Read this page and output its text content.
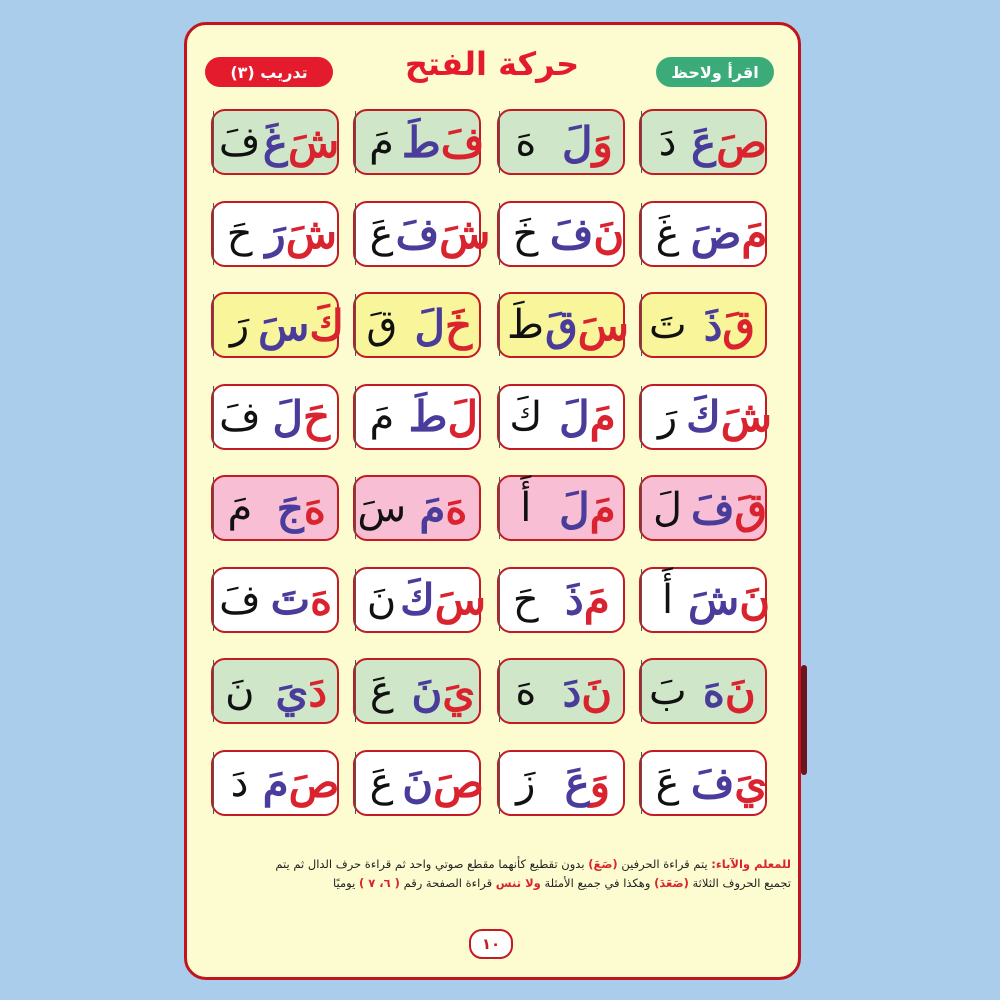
تدريب (٣)	حركة الفتح	اقرأ ولاحظ
دَ صَ
عَ
هَ	وَ
لَ
مَ	فَ
طَ
فَ شَ
غَ
غَ	مَ
ضَ
خَ	نَ
فَ
عَ	شَ
فَ
حَ شَ
رَ
تَ قَ
ذَ
طَ سَ
قَ
قَ خَ
لَ
رَ	كَ
سَ
رَ	شَ
كَ
كَ مَ
لَ
مَ	لَ
طَ
فَ حَ
لَ
لَ قَ
فَ
أَ	مَ
لَ
سَ هَ
مَ
مَ	هَ
جَ
أَ	نَ
شَ
حَ	مَ
ذَ
نَ سَ
كَ
فَ هَ
تَ
بَ نَ
هَ
هَ	نَ
دَ
عَ	يَ
نَ
نَ دَ
يَ
عَ	يَ
فَ
زَ	وَ
عَ
عَ صَ
نَ
دَ صَ
مَ
للمعلم والآباء: يتم قراءة الحرفين (صَعَ) بدون تقطيع كأنهما مقطع صوتي واحد ثم قراءة حرف الدال ثم يتم
تجميع الحروف الثلاثة (صَعَدَ) وهكذا في جميع الأمثلة ولا تنس قراءة الصفحة رقم ( ٦، ٧ ) يوميًا
١٠
